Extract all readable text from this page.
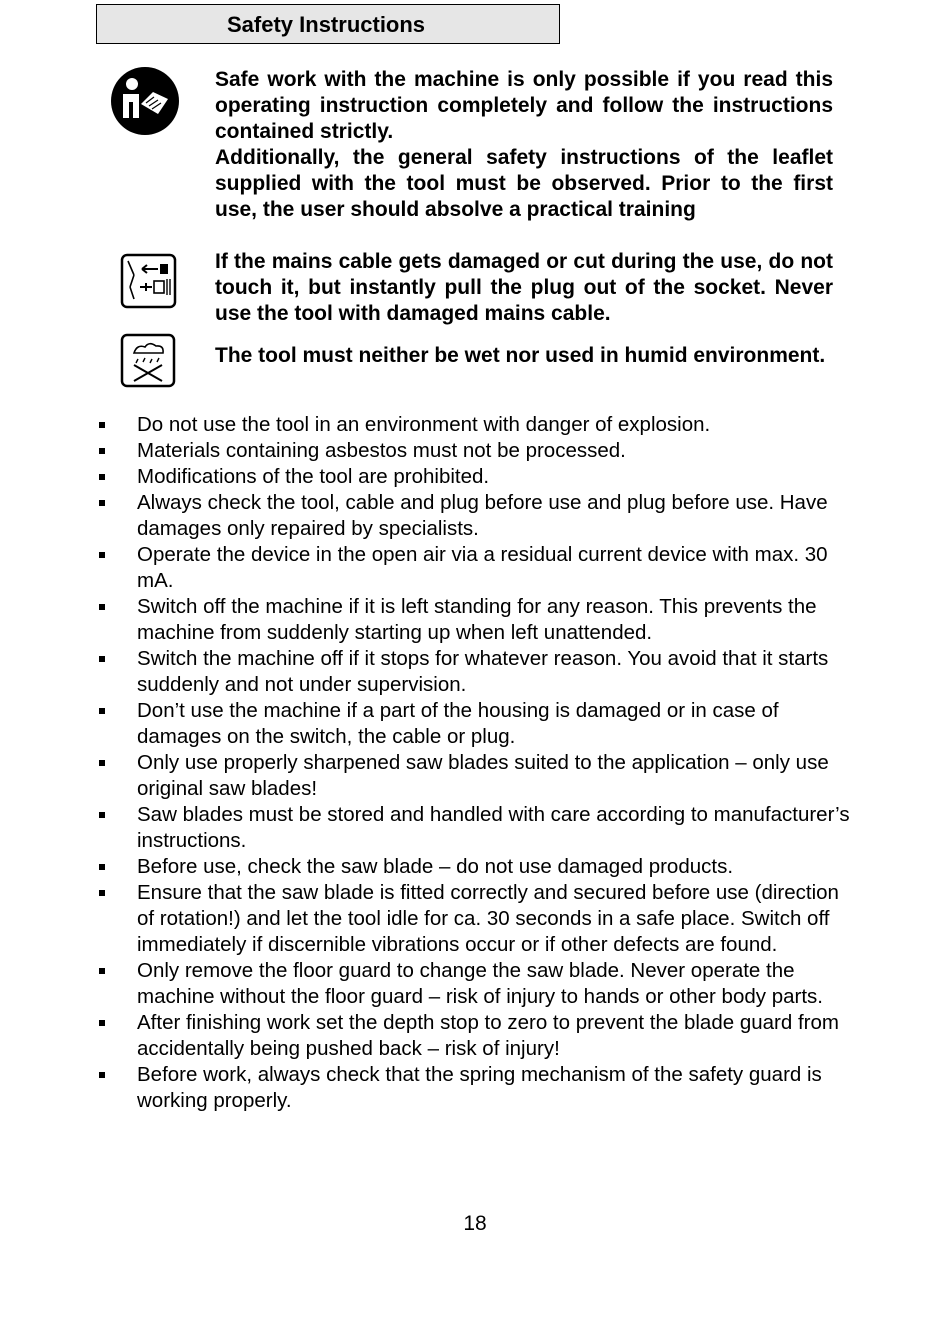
Safety Instructions

Safe work with the machine is only possible if you read this operating instruction completely and follow the instructions contained strictly.

Additionally, the general safety instructions of the leaflet supplied with the tool must be observed. Prior to the first use, the user should absolve a practical training

If the mains cable gets damaged or cut during the use, do not touch it, but instantly pull the plug out of the socket. Never use the tool with damaged mains cable.

The tool must neither be wet nor used in humid environment.

Do not use the tool in an environment with danger of explosion.
Materials containing asbestos must not be processed.
Modifications of the tool are prohibited.
Always check the tool, cable and plug before use and plug before use. Have damages only repaired by specialists.
Operate the device in the open air via a residual current device with max. 30 mA.
Switch off the machine if it is left standing for any reason. This prevents the machine from suddenly starting up when left unattended.
Switch the machine off if it stops for whatever reason. You avoid that it starts suddenly and not under supervision.
Don’t use the machine if a part of the housing is damaged or in case of damages on the switch, the cable or plug.
Only use properly sharpened saw blades suited to the application – only use original saw blades!
Saw blades must be stored and handled with care according to manufacturer’s instructions.
Before use, check the saw blade – do not use damaged products.
Ensure that the saw blade is fitted correctly and secured before use (direction of rotation!) and let the tool idle for ca. 30 seconds in a safe place. Switch off immediately if discernible vibrations occur or if other defects are found.
Only remove the floor guard to change the saw blade. Never operate the machine without the floor guard – risk of injury to hands or other body parts.
After finishing work set the depth stop to zero to prevent the blade guard from accidentally being pushed back – risk of injury!
Before work, always check that the spring mechanism of the safety guard is working properly.
18
